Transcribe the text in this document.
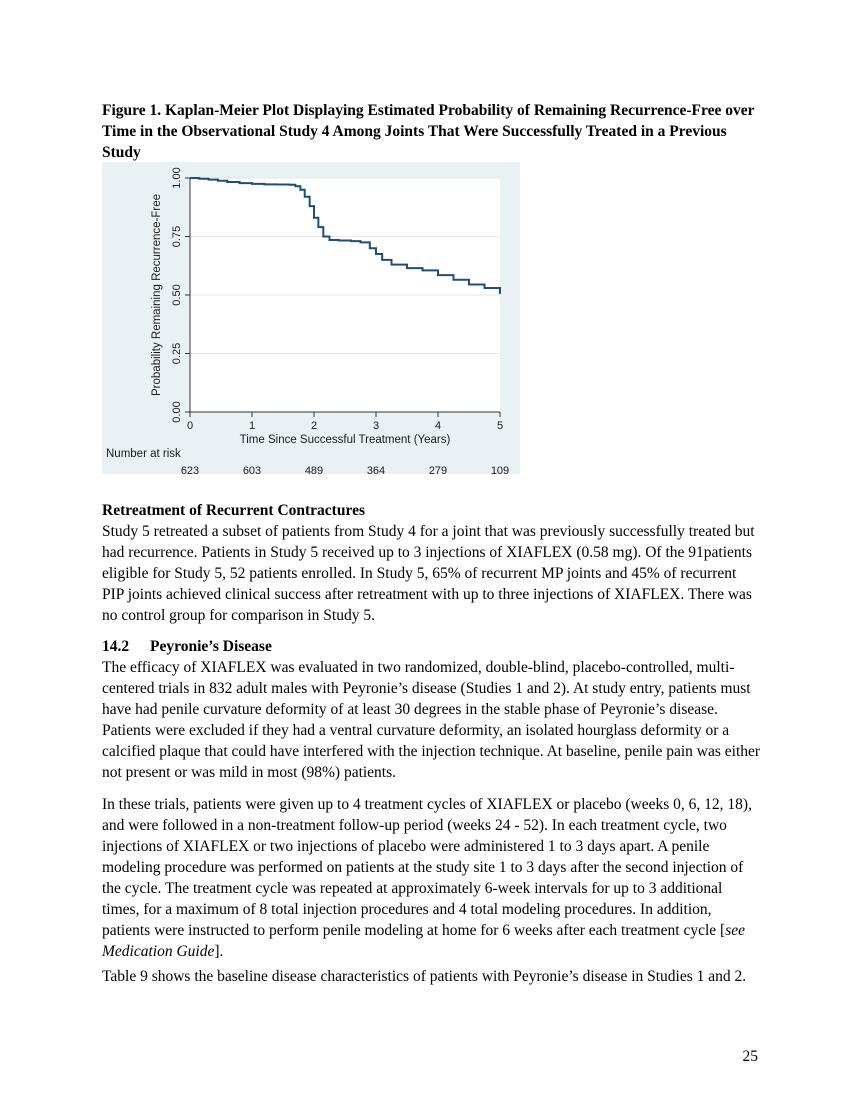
Figure 1. Kaplan-Meier Plot Displaying Estimated Probability of Remaining Recurrence-Free over Time in the Observational Study 4 Among Joints That Were Successfully Treated in a Previous Study
0.00
0.25
0.50
0.75
1.00
0	1	2	3	4	5
Time Since Successful Treatment (Years)
Probability Remaining Recurrence-Free
Number at risk
623	603	489	364	279	109
Retreatment of Recurrent Contractures

Study 5 retreated a subset of patients from Study 4 for a joint that was previously successfully treated but had recurrence. Patients in Study 5 received up to 3 injections of XIAFLEX (0.58 mg). Of the 91patients eligible for Study 5, 52 patients enrolled. In Study 5, 65% of recurrent MP joints and 45% of recurrent PIP joints achieved clinical success after retreatment with up to three injections of XIAFLEX. There was no control group for comparison in Study 5.

14.2 Peyronie’s Disease

The efficacy of XIAFLEX was evaluated in two randomized, double-blind, placebo-controlled, multi-centered trials in 832 adult males with Peyronie’s disease (Studies 1 and 2). At study entry, patients must have had penile curvature deformity of at least 30 degrees in the stable phase of Peyronie’s disease. Patients were excluded if they had a ventral curvature deformity, an isolated hourglass deformity or a calcified plaque that could have interfered with the injection technique. At baseline, penile pain was either not present or was mild in most (98%) patients.

In these trials, patients were given up to 4 treatment cycles of XIAFLEX or placebo (weeks 0, 6, 12, 18), and were followed in a non-treatment follow-up period (weeks 24 - 52). In each treatment cycle, two injections of XIAFLEX or two injections of placebo were administered 1 to 3 days apart. A penile modeling procedure was performed on patients at the study site 1 to 3 days after the second injection of the cycle. The treatment cycle was repeated at approximately 6-week intervals for up to 3 additional times, for a maximum of 8 total injection procedures and 4 total modeling procedures. In addition, patients were instructed to perform penile modeling at home for 6 weeks after each treatment cycle [see Medication Guide].

Table 9 shows the baseline disease characteristics of patients with Peyronie’s disease in Studies 1 and 2.

25
